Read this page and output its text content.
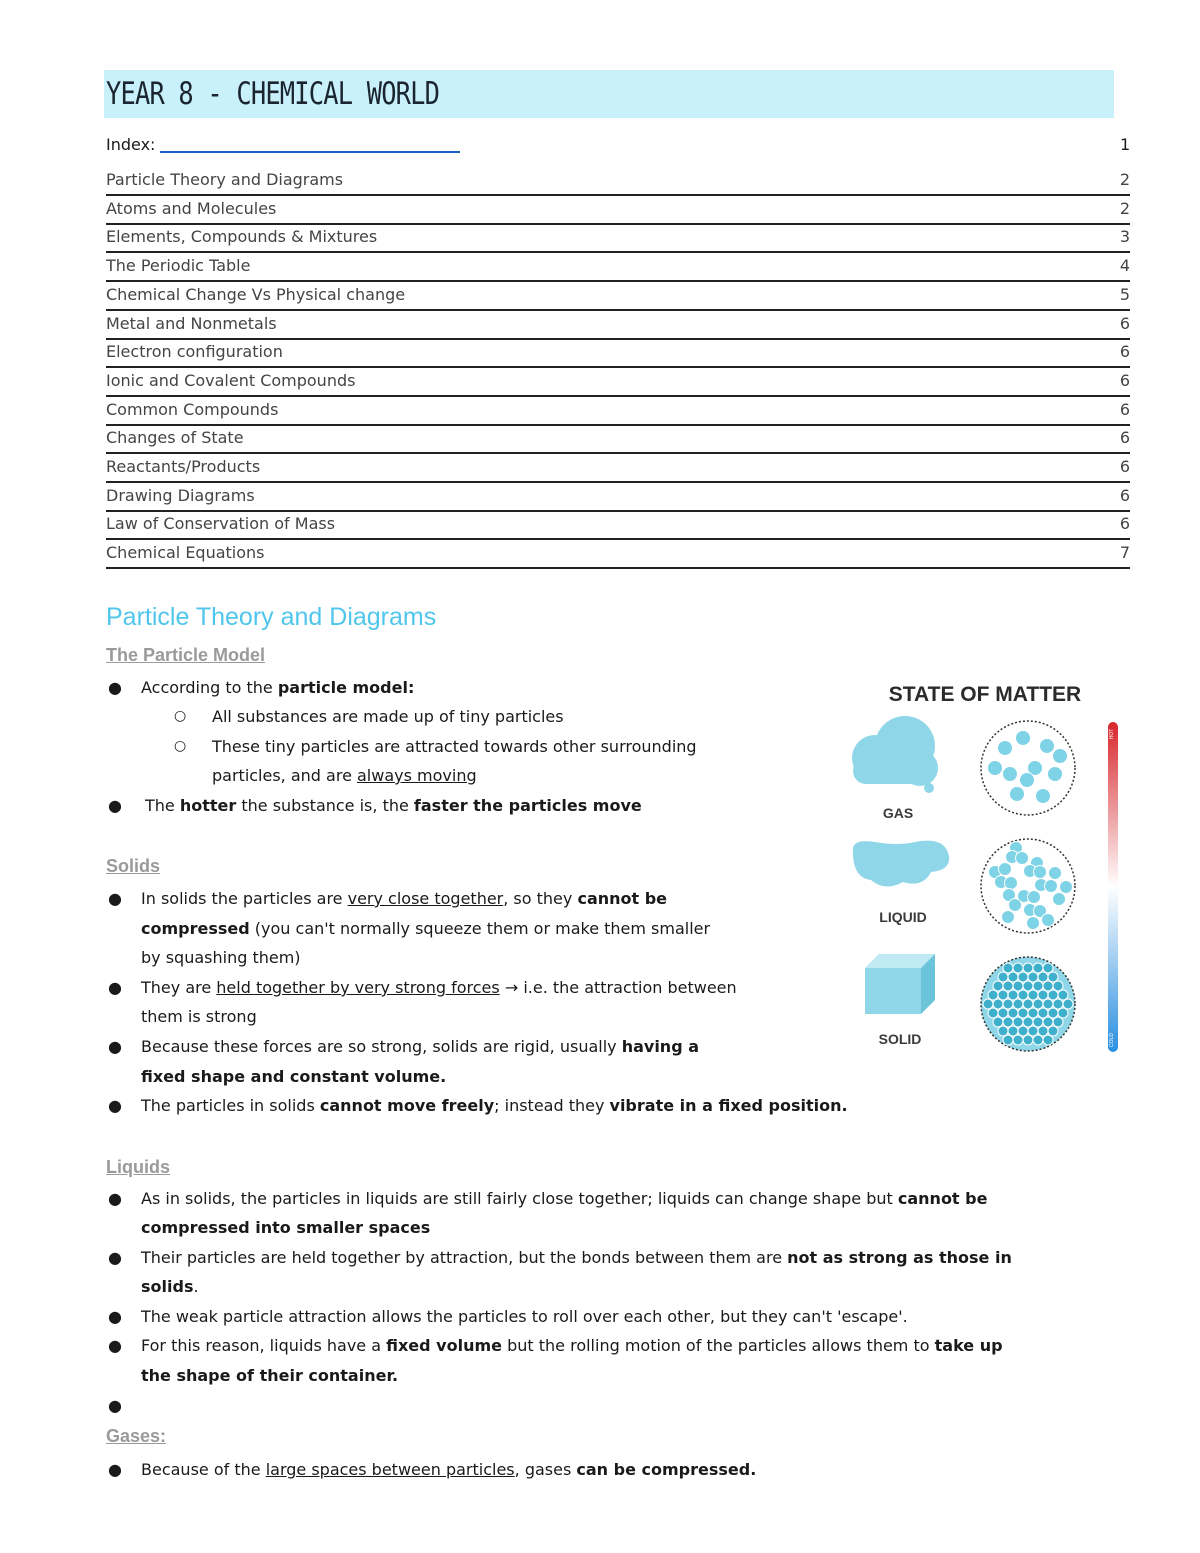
YEAR 8 - CHEMICAL WORLD
Index:	1
Particle Theory and Diagrams	2
Atoms and Molecules	2
Elements, Compounds & Mixtures	3
The Periodic Table	4
Chemical Change Vs Physical change	5
Metal and Nonmetals	6
Electron configuration	6
Ionic and Covalent Compounds	6
Common Compounds	6
Changes of State	6
Reactants/Products	6
Drawing Diagrams	6
Law of Conservation of Mass	6
Chemical Equations	7
Particle Theory and Diagrams
The Particle Model
● According to the particle model:
○ All substances are made up of tiny particles
○ These tiny particles are attracted towards other surrounding
particles, and are always moving
● The hotter the substance is, the faster the particles move
Solids
● In solids the particles are very close together, so they cannot be
compressed (you can't normally squeeze them or make them smaller
by squashing them)
● They are held together by very strong forces → i.e. the attraction between
them is strong
● Because these forces are so strong, solids are rigid, usually having a
fixed shape and constant volume.
● The particles in solids cannot move freely; instead they vibrate in a fixed position.
Liquids
● As in solids, the particles in liquids are still fairly close together; liquids can change shape but cannot be
compressed into smaller spaces
● Their particles are held together by attraction, but the bonds between them are not as strong as those in
solids.
● The weak particle attraction allows the particles to roll over each other, but they can't 'escape'.
● For this reason, liquids have a fixed volume but the rolling motion of the particles allows them to take up
the shape of their container.
●
Gases:
● Because of the large spaces between particles, gases can be compressed.
STATE OF MATTER
GAS
LIQUID
SOLID
HOT
COLD
